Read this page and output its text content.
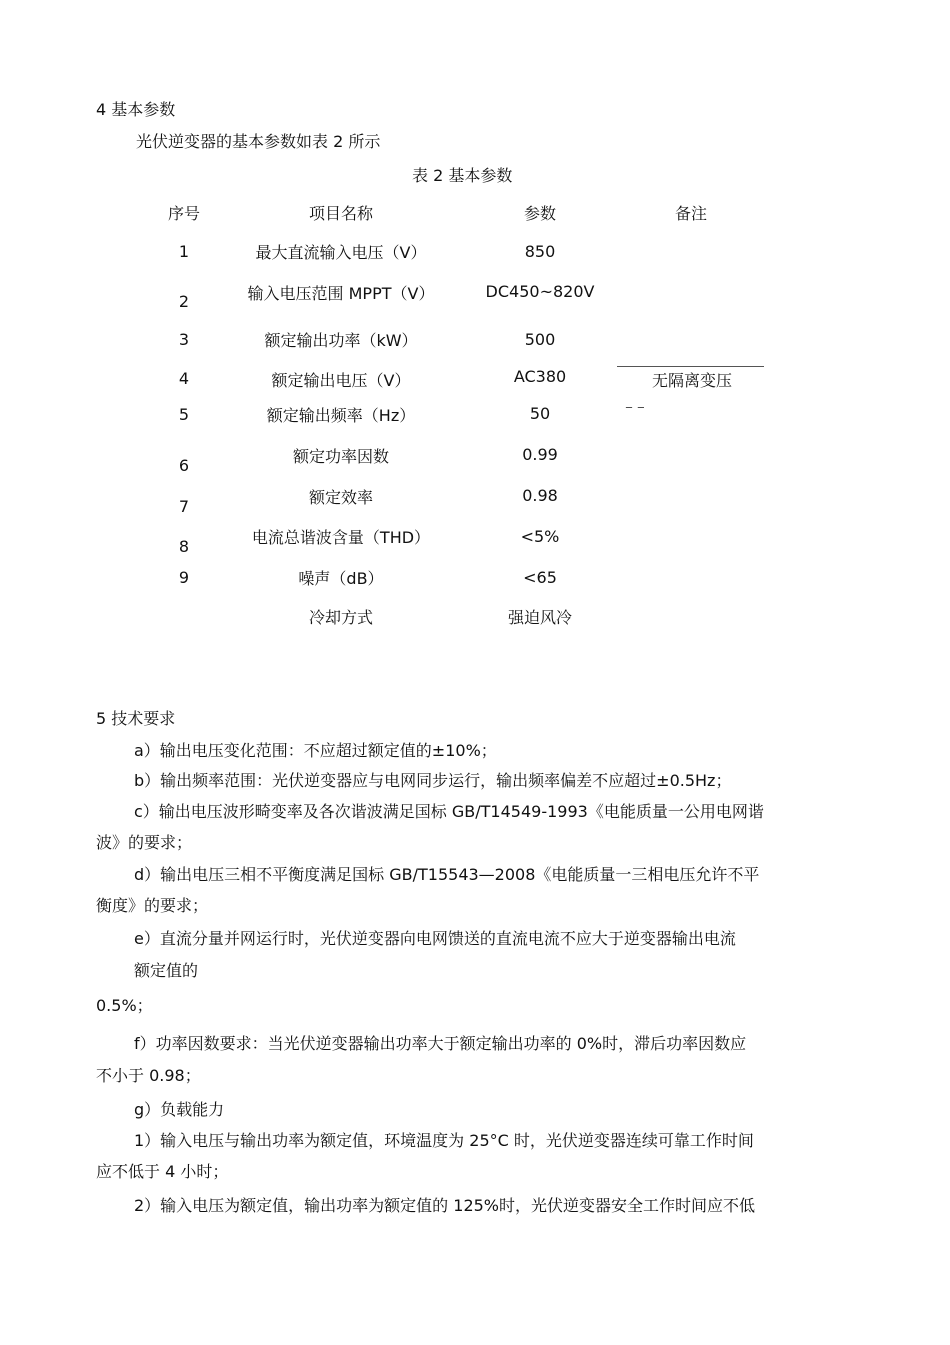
4 基本参数
光伏逆变器的基本参数如表 2 所示
表 2 基本参数
序号	项目名称	参数	备注
1	最大直流输入电压（V）	850
2	输入电压范围 MPPT（V）	DC450~820V
3	额定输出功率（kW）	500
4	额定输出电压（V）	AC380	无隔离变压
_ _
5	额定输出频率（Hz）	50
6	额定功率因数	0.99
7	额定效率	0.98
8	电流总谐波含量（THD）	<5%
9	噪声（dB）	<65
冷却方式	强迫风冷
5 技术要求
a）输出电压变化范围：不应超过额定值的±10%；
b）输出频率范围：光伏逆变器应与电网同步运行，输出频率偏差不应超过±0.5Hz；
c）输出电压波形畸变率及各次谐波满足国标 GB/T14549-1993《电能质量一公用电网谐
波》的要求；
d）输出电压三相不平衡度满足国标 GB/T15543—2008《电能质量一三相电压允许不平
衡度》的要求；
e）直流分量并网运行时，光伏逆变器向电网馈送的直流电流不应大于逆变器输出电流
额定值的
0.5%；
f）功率因数要求：当光伏逆变器输出功率大于额定输出功率的 0%时，滞后功率因数应
不小于 0.98；
g）负载能力
1）输入电压与输出功率为额定值，环境温度为 25°C 时，光伏逆变器连续可靠工作时间
应不低于 4 小时；
2）输入电压为额定值，输出功率为额定值的 125%时，光伏逆变器安全工作时间应不低
